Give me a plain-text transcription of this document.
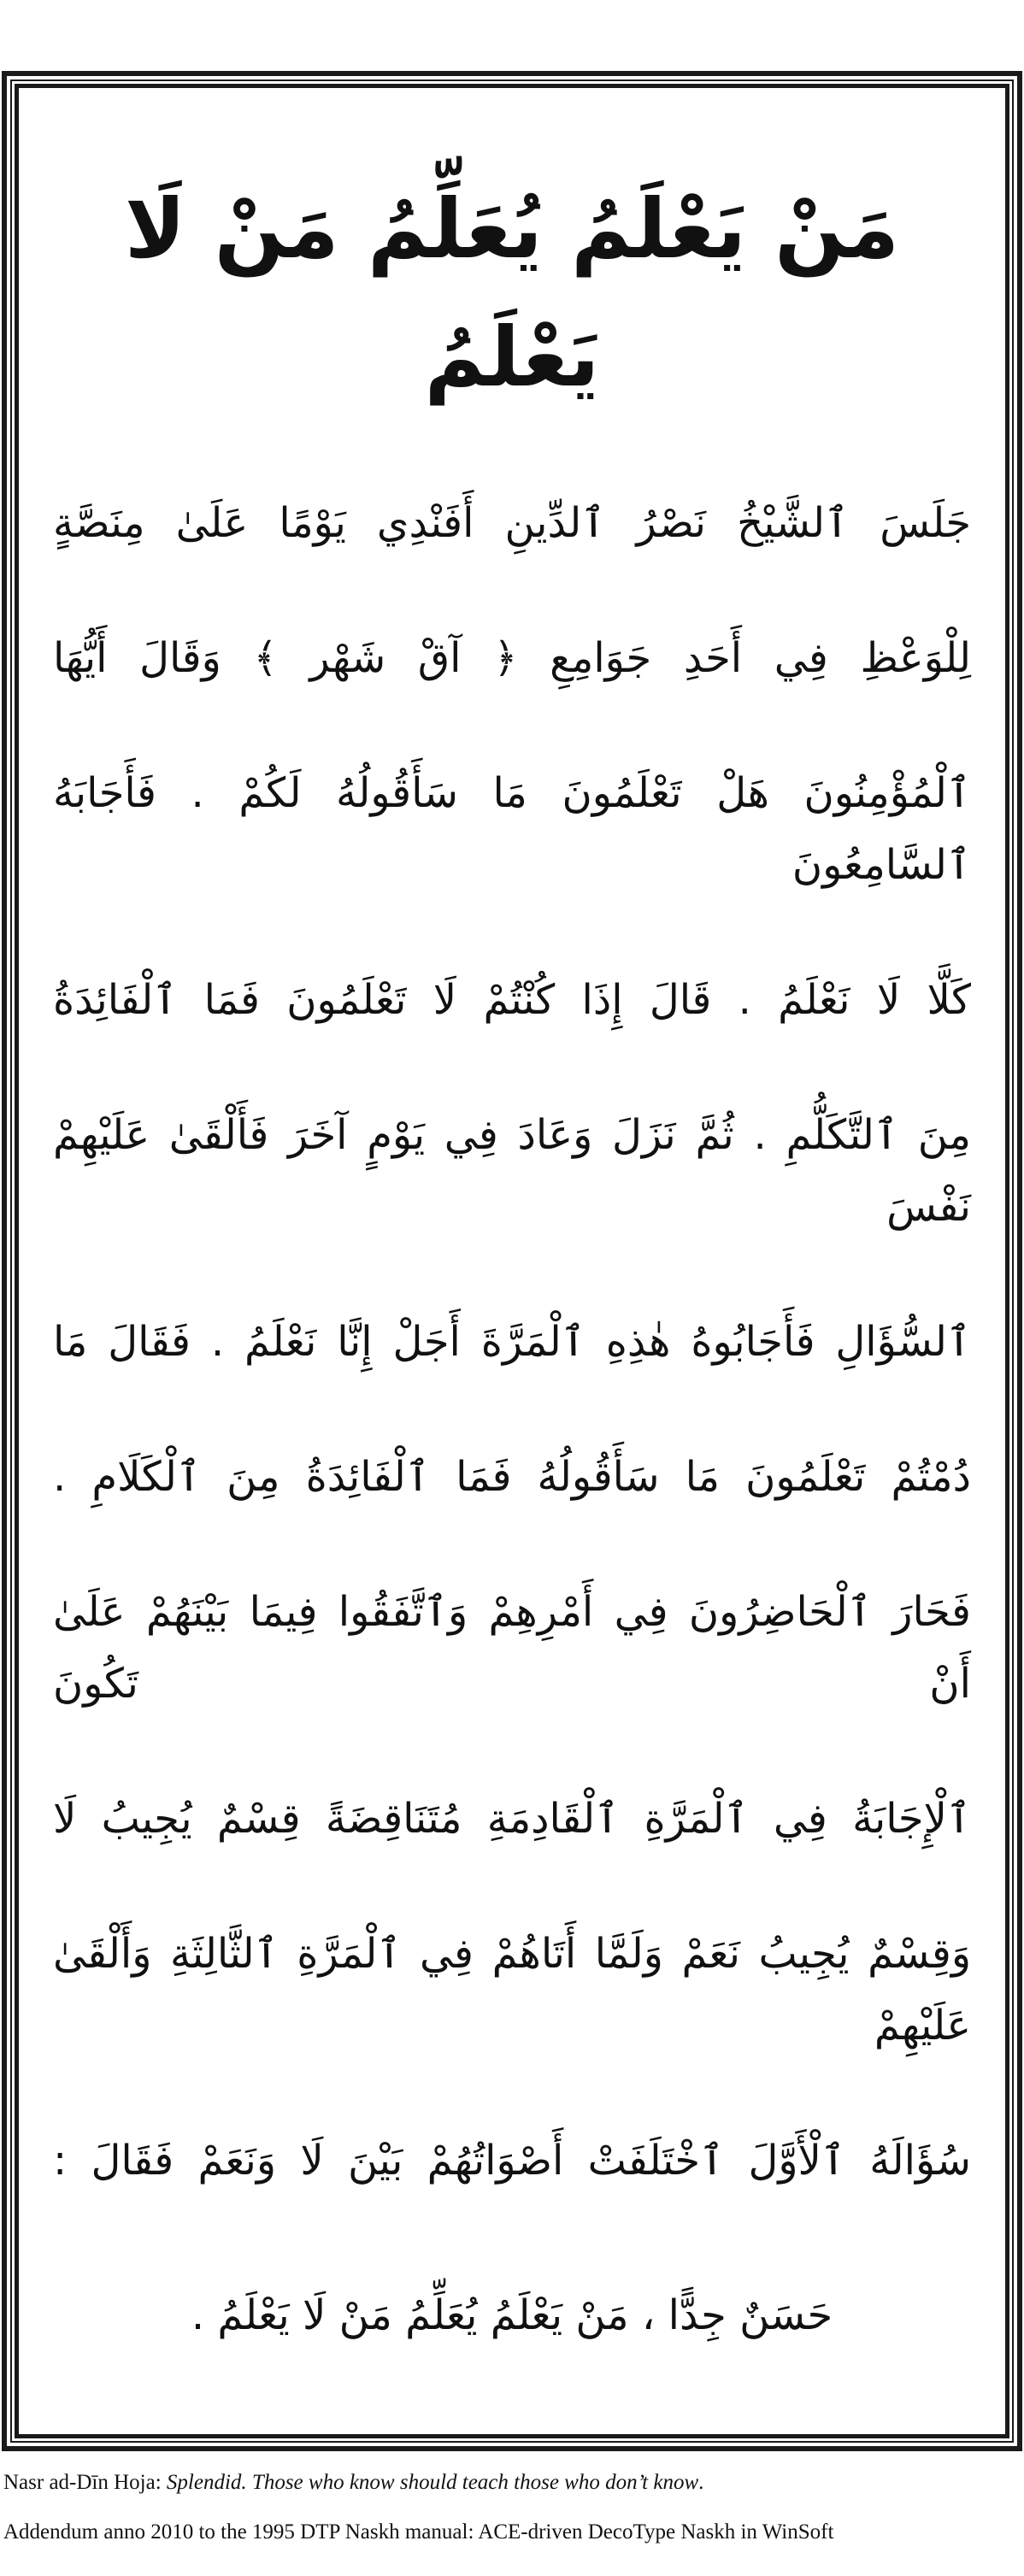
مَنْ يَعْلَمُ يُعَلِّمُ مَنْ لَا يَعْلَمُ
جَلَسَ ٱلشَّيْخُ نَصْرُ ٱلدِّينِ أَفَنْدِي يَوْمًا عَلَىٰ مِنَصَّةٍ
لِلْوَعْظِ فِي أَحَدِ جَوَامِعِ ﴿ آقْ شَهْر ﴾ وَقَالَ أَيُّهَا
ٱلْمُؤْمِنُونَ هَلْ تَعْلَمُونَ مَا سَأَقُولُهُ لَكُمْ . فَأَجَابَهُ ٱلسَّامِعُونَ
كَلَّا لَا نَعْلَمُ . قَالَ إِذَا كُنْتُمْ لَا تَعْلَمُونَ فَمَا ٱلْفَائِدَةُ
مِنَ ٱلتَّكَلُّمِ . ثُمَّ نَزَلَ وَعَادَ فِي يَوْمٍ آخَرَ فَأَلْقَىٰ عَلَيْهِمْ نَفْسَ
ٱلسُّؤَالِ فَأَجَابُوهُ هٰذِهِ ٱلْمَرَّةَ أَجَلْ إِنَّا نَعْلَمُ . فَقَالَ مَا
دُمْتُمْ تَعْلَمُونَ مَا سَأَقُولُهُ فَمَا ٱلْفَائِدَةُ مِنَ ٱلْكَلَامِ .
فَحَارَ ٱلْحَاضِرُونَ فِي أَمْرِهِمْ وَٱتَّفَقُوا فِيمَا بَيْنَهُمْ عَلَىٰ أَنْ تَكُونَ
ٱلْإِجَابَةُ فِي ٱلْمَرَّةِ ٱلْقَادِمَةِ مُتَنَاقِضَةً قِسْمٌ يُجِيبُ لَا
وَقِسْمٌ يُجِيبُ نَعَمْ وَلَمَّا أَتَاهُمْ فِي ٱلْمَرَّةِ ٱلثَّالِثَةِ وَأَلْقَىٰ عَلَيْهِمْ
سُؤَالَهُ ٱلْأَوَّلَ ٱخْتَلَفَتْ أَصْوَاتُهُمْ بَيْنَ لَا وَنَعَمْ فَقَالَ :
حَسَنٌ جِدًّا ، مَنْ يَعْلَمُ يُعَلِّمُ مَنْ لَا يَعْلَمُ .
Nasr ad-Dīn Hoja: Splendid. Those who know should teach those who don’t know.
Addendum anno 2010 to the 1995 DTP Naskh manual: ACE-driven DecoType Naskh in WinSoft
